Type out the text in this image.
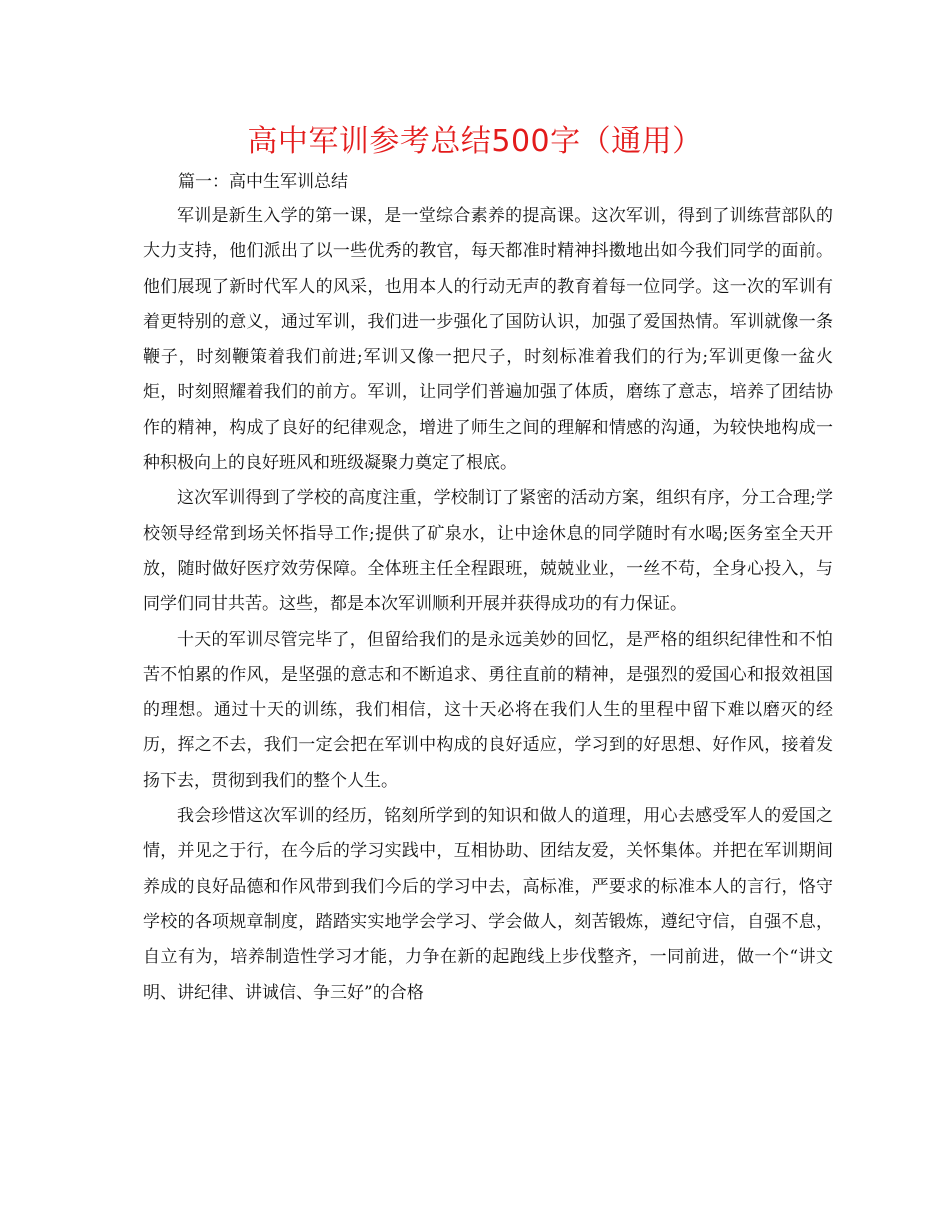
高中军训参考总结500字（通用）
篇一：高中生军训总结

军训是新生入学的第一课，是一堂综合素养的提高课。这次军训，得到了训练营部队的大力支持，他们派出了以一些优秀的教官，每天都准时精神抖擞地出如今我们同学的面前。他们展现了新时代军人的风采，也用本人的行动无声的教育着每一位同学。这一次的军训有着更特别的意义，通过军训，我们进一步强化了国防认识，加强了爱国热情。军训就像一条鞭子，时刻鞭策着我们前进;军训又像一把尺子，时刻标准着我们的行为;军训更像一盆火炬，时刻照耀着我们的前方。军训，让同学们普遍加强了体质，磨练了意志，培养了团结协作的精神，构成了良好的纪律观念，增进了师生之间的理解和情感的沟通，为较快地构成一种积极向上的良好班风和班级凝聚力奠定了根底。

这次军训得到了学校的高度注重，学校制订了紧密的活动方案，组织有序，分工合理;学校领导经常到场关怀指导工作;提供了矿泉水，让中途休息的同学随时有水喝;医务室全天开放，随时做好医疗效劳保障。全体班主任全程跟班，兢兢业业，一丝不苟，全身心投入，与同学们同甘共苦。这些，都是本次军训顺利开展并获得成功的有力保证。

十天的军训尽管完毕了，但留给我们的是永远美妙的回忆，是严格的组织纪律性和不怕苦不怕累的作风，是坚强的意志和不断追求、勇往直前的精神，是强烈的爱国心和报效祖国的理想。通过十天的训练，我们相信，这十天必将在我们人生的里程中留下难以磨灭的经历，挥之不去，我们一定会把在军训中构成的良好适应，学习到的好思想、好作风，接着发扬下去，贯彻到我们的整个人生。

我会珍惜这次军训的经历，铭刻所学到的知识和做人的道理，用心去感受军人的爱国之情，并见之于行，在今后的学习实践中，互相协助、团结友爱，关怀集体。并把在军训期间养成的良好品德和作风带到我们今后的学习中去，高标准，严要求的标准本人的言行，恪守学校的各项规章制度，踏踏实实地学会学习、学会做人，刻苦锻炼，遵纪守信，自强不息，自立有为，培养制造性学习才能，力争在新的起跑线上步伐整齐，一同前进，做一个“讲文明、讲纪律、讲诚信、争三好”的合格
